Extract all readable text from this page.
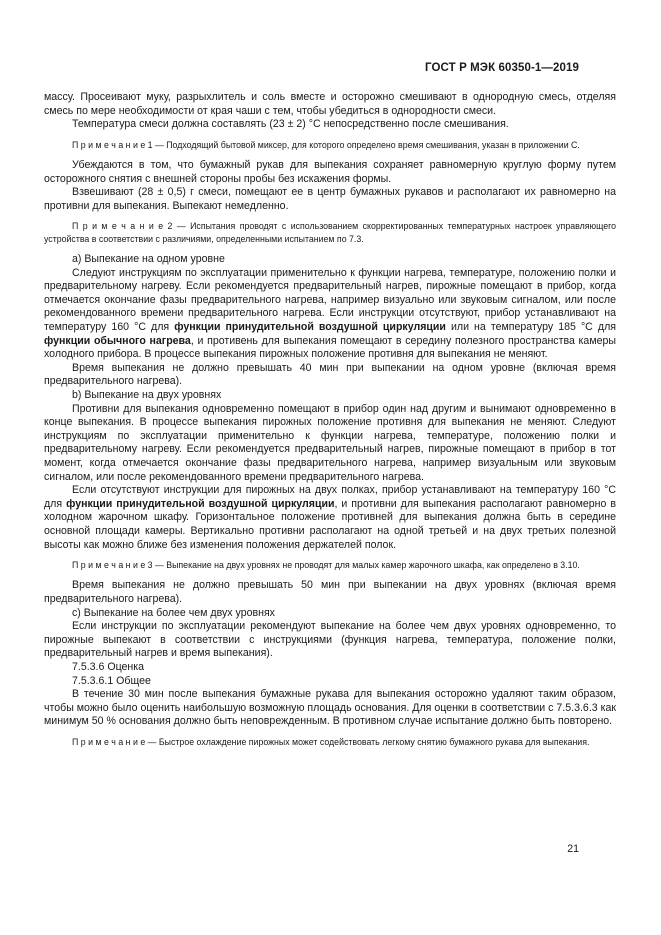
ГОСТ Р МЭК 60350-1—2019

массу. Просеивают муку, разрыхлитель и соль вместе и осторожно смешивают в однородную смесь, отделяя смесь по мере необходимости от края чаши с тем, чтобы убедиться в однородности смеси.

Температура смеси должна составлять (23 ± 2) °С непосредственно после смешивания.

П р и м е ч а н и е 1 — Подходящий бытовой миксер, для которого определено время смешивания, указан в приложении С.

Убеждаются в том, что бумажный рукав для выпекания сохраняет равномерную круглую форму путем осторожного снятия с внешней стороны пробы без искажения формы.

Взвешивают (28 ± 0,5) г смеси, помещают ее в центр бумажных рукавов и располагают их равномерно на противни для выпекания. Выпекают немедленно.

П р и м е ч а н и е 2 — Испытания проводят с использованием скорректированных температурных настроек управляющего устройства в соответствии с различиями, определенными испытанием по 7.3.

а) Выпекание на одном уровне

Следуют инструкциям по эксплуатации применительно к функции нагрева, температуре, положению полки и предварительному нагреву. Если рекомендуется предварительный нагрев, пирожные помещают в прибор, когда отмечается окончание фазы предварительного нагрева, например визуально или звуковым сигналом, или после рекомендованного времени предварительного нагрева. Если инструкции отсутствуют, прибор устанавливают на температуру 160 °С для функции принудительной воздушной циркуляции или на температуру 185 °С для функции обычного нагрева, и противень для выпекания помещают в середину полезного пространства камеры холодного прибора. В процессе выпекания пирожных положение противня для выпекания не меняют.

Время выпекания не должно превышать 40 мин при выпекании на одном уровне (включая время предварительного нагрева).

b) Выпекание на двух уровнях

Противни для выпекания одновременно помещают в прибор один над другим и вынимают одновременно в конце выпекания. В процессе выпекания пирожных положение противня для выпекания не меняют. Следуют инструкциям по эксплуатации применительно к функции нагрева, температуре, положению полки и предварительному нагреву. Если рекомендуется предварительный нагрев, пирожные помещают в прибор в тот момент, когда отмечается окончание фазы предварительного нагрева, например визуальным или звуковым сигналом, или после рекомендованного времени предварительного нагрева.

Если отсутствуют инструкции для пирожных на двух полках, прибор устанавливают на температуру 160 °С для функции принудительной воздушной циркуляции, и противни для выпекания располагают равномерно в холодном жарочном шкафу. Горизонтальное положение противней для выпекания должна быть в середине основной площади камеры. Вертикально противни располагают на одной третьей и на двух третьих полезной высоты как можно ближе без изменения положения держателей полок.

П р и м е ч а н и е 3 — Выпекание на двух уровнях не проводят для малых камер жарочного шкафа, как определено в 3.10.

Время выпекания не должно превышать 50 мин при выпекании на двух уровнях (включая время предварительного нагрева).

с) Выпекание на более чем двух уровнях

Если инструкции по эксплуатации рекомендуют выпекание на более чем двух уровнях одновременно, то пирожные выпекают в соответствии с инструкциями (функция нагрева, температура, положение полки, предварительный нагрев и время выпекания).

7.5.3.6 Оценка

7.5.3.6.1 Общее

В течение 30 мин после выпекания бумажные рукава для выпекания осторожно удаляют таким образом, чтобы можно было оценить наибольшую возможную площадь основания. Для оценки в соответствии с 7.5.3.6.3 как минимум 50 % основания должно быть неповрежденным. В противном случае испытание должно быть повторено.

П р и м е ч а н и е — Быстрое охлаждение пирожных может содействовать легкому снятию бумажного рукава для выпекания.

21
